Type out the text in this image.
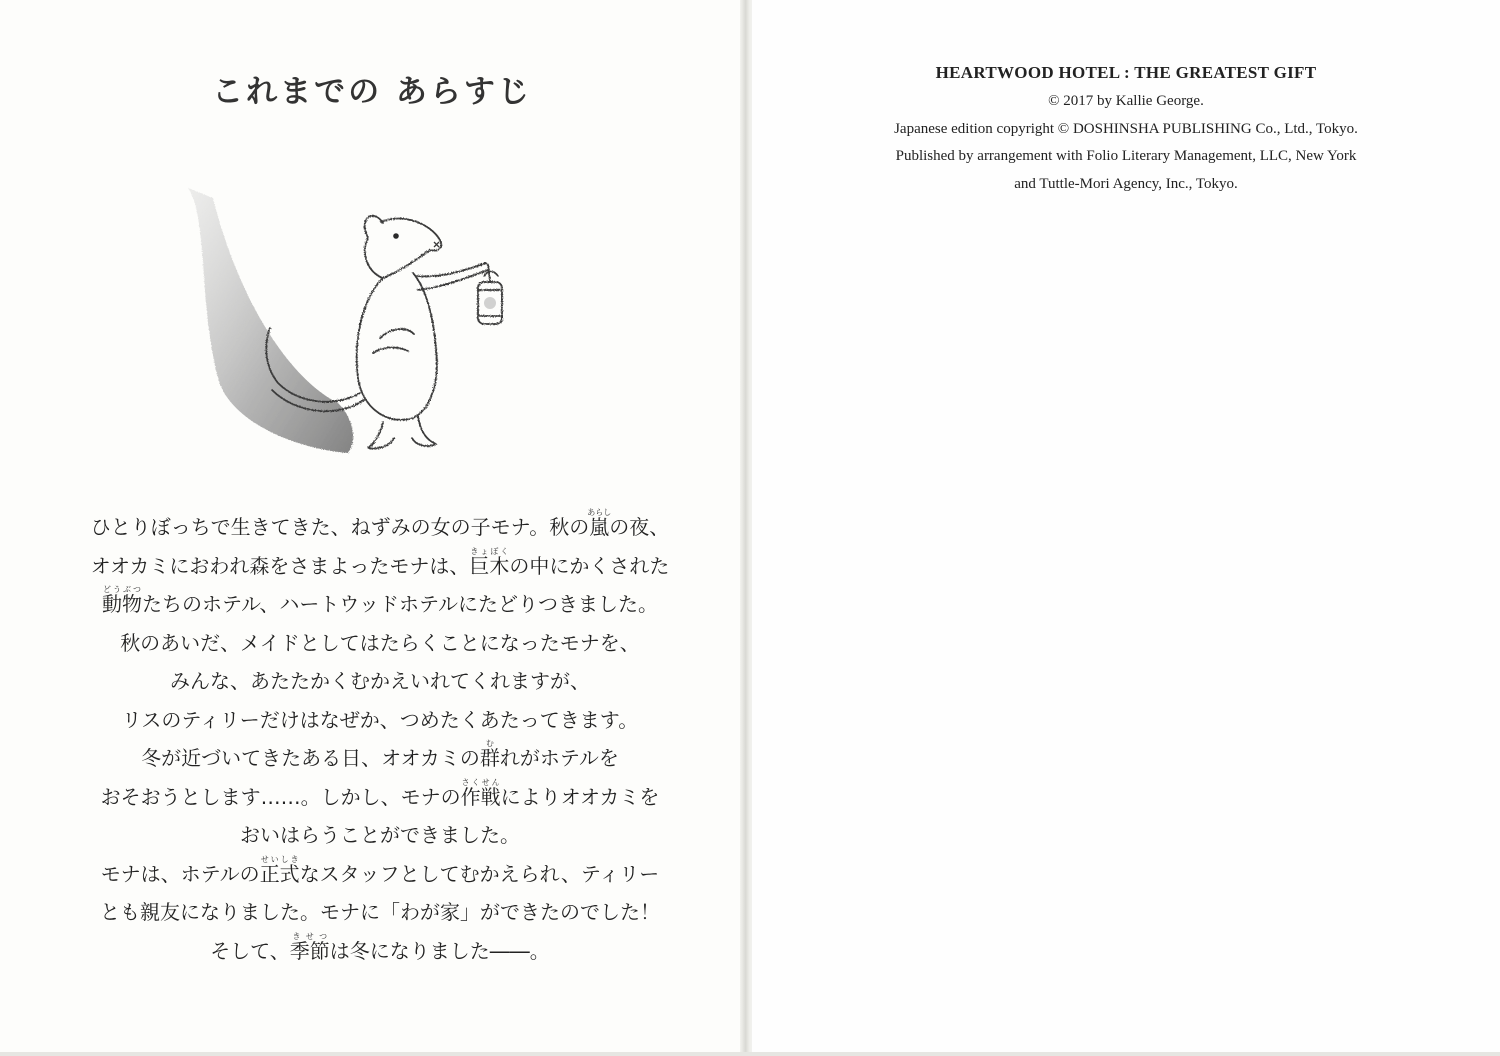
これまでの あらすじ
ひとりぼっちで生きてきた、ねずみの女の子モナ。秋の嵐あらしの夜、
オオカミにおわれ森をさまよったモナは、巨木きょぼくの中にかくされた
動物どうぶつたちのホテル、ハートウッドホテルにたどりつきました。
秋のあいだ、メイドとしてはたらくことになったモナを、
みんな、あたたかくむかえいれてくれますが、
リスのティリーだけはなぜか、つめたくあたってきます。
冬が近づいてきたある日、オオカミの群むれがホテルを
おそおうとします……。しかし、モナの作戦さくせんによりオオカミを
おいはらうことができました。
モナは、ホテルの正式せいしきなスタッフとしてむかえられ、ティリー
とも親友になりました。モナに「わが家」ができたのでした！
そして、季節きせつは冬になりました――。
HEARTWOOD HOTEL : THE GREATEST GIFT
© 2017 by Kallie George.
Japanese edition copyright © DOSHINSHA PUBLISHING Co., Ltd., Tokyo.
Published by arrangement with Folio Literary Management, LLC, New York
and Tuttle-Mori Agency, Inc., Tokyo.
